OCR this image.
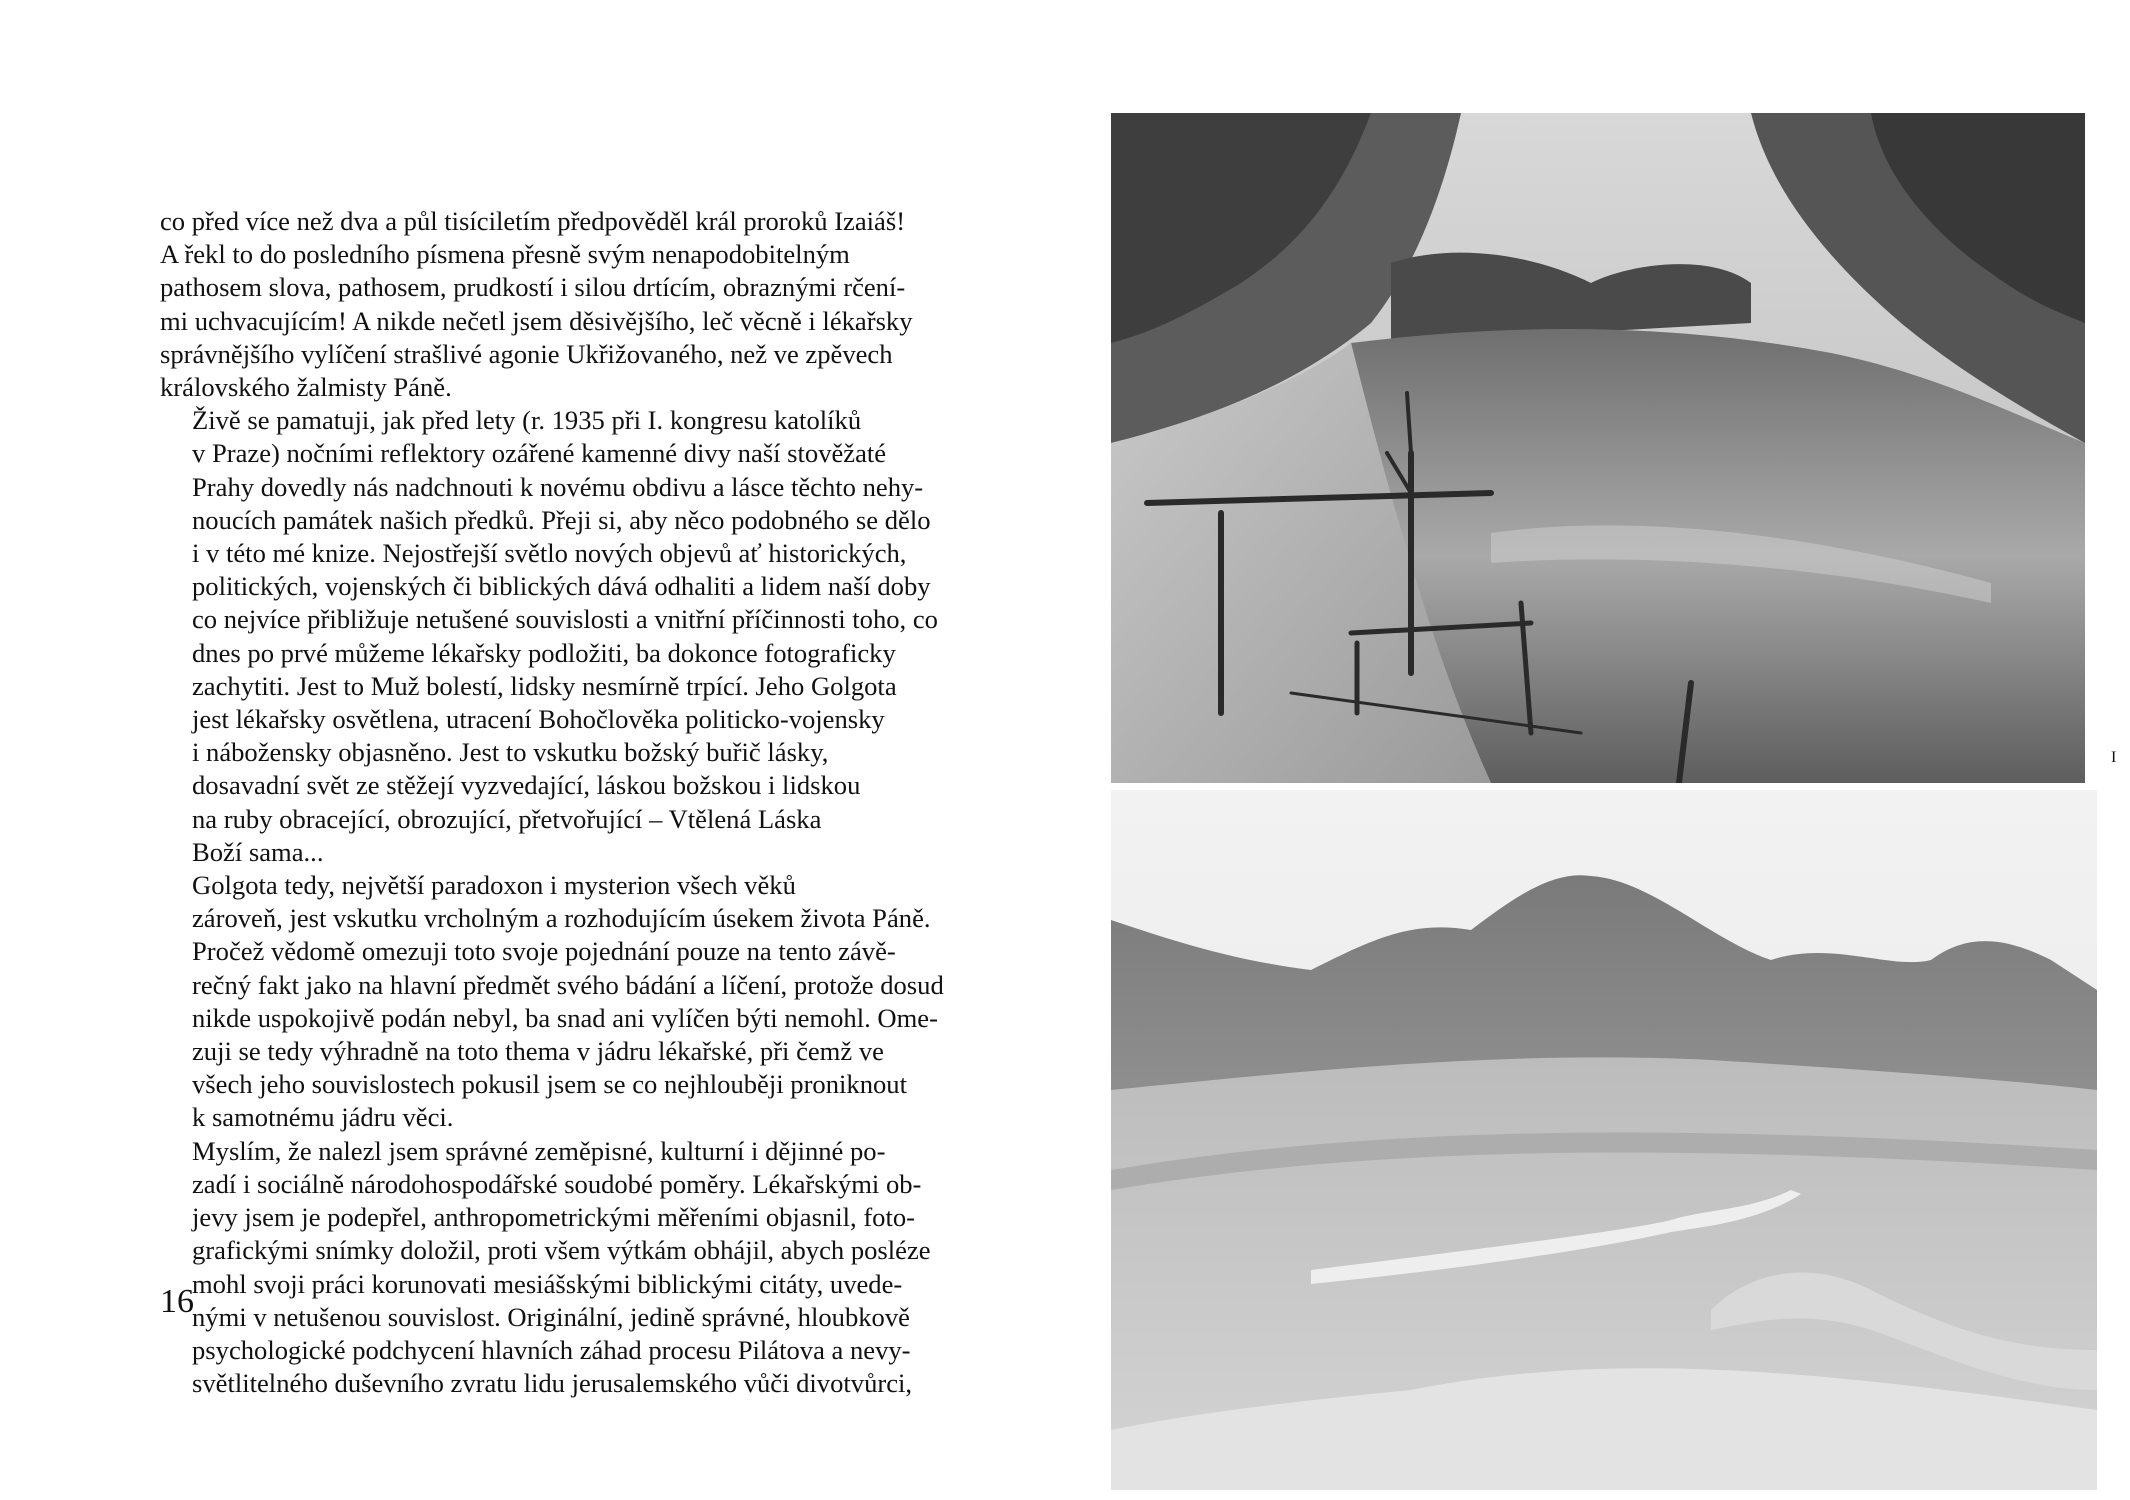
co před více než dva a půl tisíciletím předpověděl král proroků Izaiáš!
A řekl to do posledního písmena přesně svým nenapodobitelným
pathosem slova, pathosem, prudkostí i silou drtícím, obraznými rčení-
mi uchvacujícím! A nikde nečetl jsem děsivějšího, leč věcně i lékařsky
správnějšího vylíčení strašlivé agonie Ukřižovaného, než ve zpěvech
královského žalmisty Páně.

Živě se pamatuji, jak před lety (r. 1935 při I. kongresu katolíků
v Praze) nočními reflektory ozářené kamenné divy naší stověžaté
Prahy dovedly nás nadchnouti k novému obdivu a lásce těchto nehy-
noucích památek našich předků. Přeji si, aby něco podobného se dělo
i v této mé knize. Nejostřejší světlo nových objevů ať historických,
politických, vojenských či biblických dává odhaliti a lidem naší doby
co nejvíce přibližuje netušené souvislosti a vnitřní příčinnosti toho, co
dnes po prvé můžeme lékařsky podložiti, ba dokonce fotograficky
zachytiti. Jest to Muž bolestí, lidsky nesmírně trpící. Jeho Golgota
jest lékařsky osvětlena, utracení Bohočlověka politicko-vojensky
i nábožensky objasněno. Jest to vskutku božský buřič lásky,
dosavadní svět ze stěžejí vyzvedající, láskou božskou i lidskou
na ruby obracející, obrozující, přetvořující – Vtělená Láska
Boží sama...

Golgota tedy, největší paradoxon i mysterion všech věků
zároveň, jest vskutku vrcholným a rozhodujícím úsekem života Páně.
Pročež vědomě omezuji toto svoje pojednání pouze na tento závě-
rečný fakt jako na hlavní předmět svého bádání a líčení, protože dosud
nikde uspokojivě podán nebyl, ba snad ani vylíčen býti nemohl. Ome-
zuji se tedy výhradně na toto thema v jádru lékařské, při čemž ve
všech jeho souvislostech pokusil jsem se co nejhlouběji proniknout
k samotnému jádru věci.

Myslím, že nalezl jsem správné zeměpisné, kulturní i dějinné po-
zadí i sociálně národohospodářské soudobé poměry. Lékařskými ob-
jevy jsem je podepřel, anthropometrickými měřeními objasnil, foto-
grafickými snímky doložil, proti všem výtkám obhájil, abych posléze
mohl svoji práci korunovati mesiášskými biblickými citáty, uvede-
nými v netušenou souvislost. Originální, jedině správné, hloubkově
psychologické podchycení hlavních záhad procesu Pilátova a nevy-
světlitelného duševního zvratu lidu jerusalemského vůči divotvůrci,

16
I
